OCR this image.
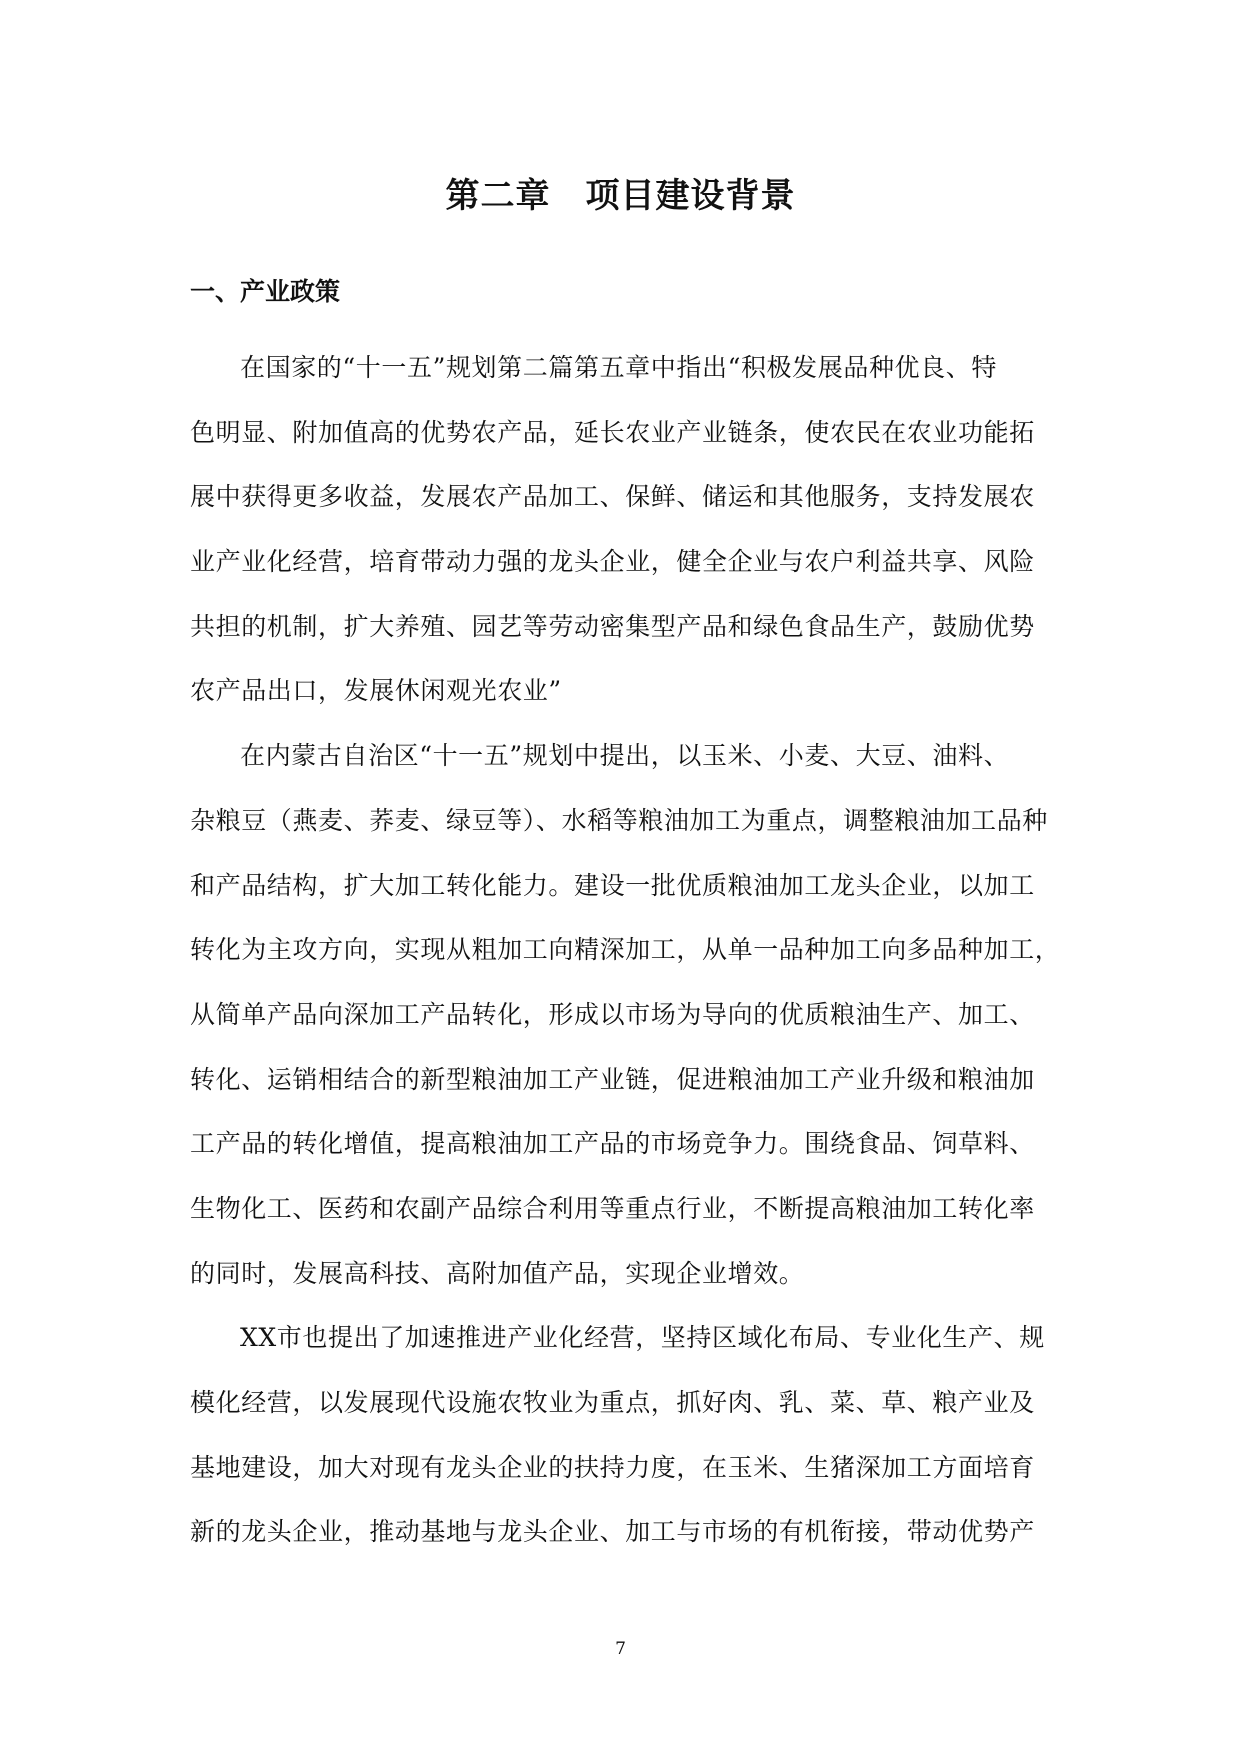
第二章　项目建设背景
一、产业政策
在国家的“十一五”规划第二篇第五章中指出“积极发展品种优良、特
色明显、附加值高的优势农产品，延长农业产业链条，使农民在农业功能拓
展中获得更多收益，发展农产品加工、保鲜、储运和其他服务，支持发展农
业产业化经营，培育带动力强的龙头企业，健全企业与农户利益共享、风险
共担的机制，扩大养殖、园艺等劳动密集型产品和绿色食品生产，鼓励优势
农产品出口，发展休闲观光农业”
在内蒙古自治区“十一五”规划中提出，以玉米、小麦、大豆、油料、
杂粮豆（燕麦、荞麦、绿豆等）、水稻等粮油加工为重点，调整粮油加工品种
和产品结构，扩大加工转化能力。建设一批优质粮油加工龙头企业，以加工
转化为主攻方向，实现从粗加工向精深加工，从单一品种加工向多品种加工，
从简单产品向深加工产品转化，形成以市场为导向的优质粮油生产、加工、
转化、运销相结合的新型粮油加工产业链，促进粮油加工产业升级和粮油加
工产品的转化增值，提高粮油加工产品的市场竞争力。围绕食品、饲草料、
生物化工、医药和农副产品综合利用等重点行业，不断提高粮油加工转化率
的同时，发展高科技、高附加值产品，实现企业增效。
XX市也提出了加速推进产业化经营，坚持区域化布局、专业化生产、规
模化经营，以发展现代设施农牧业为重点，抓好肉、乳、菜、草、粮产业及
基地建设，加大对现有龙头企业的扶持力度，在玉米、生猪深加工方面培育
新的龙头企业，推动基地与龙头企业、加工与市场的有机衔接，带动优势产
7
